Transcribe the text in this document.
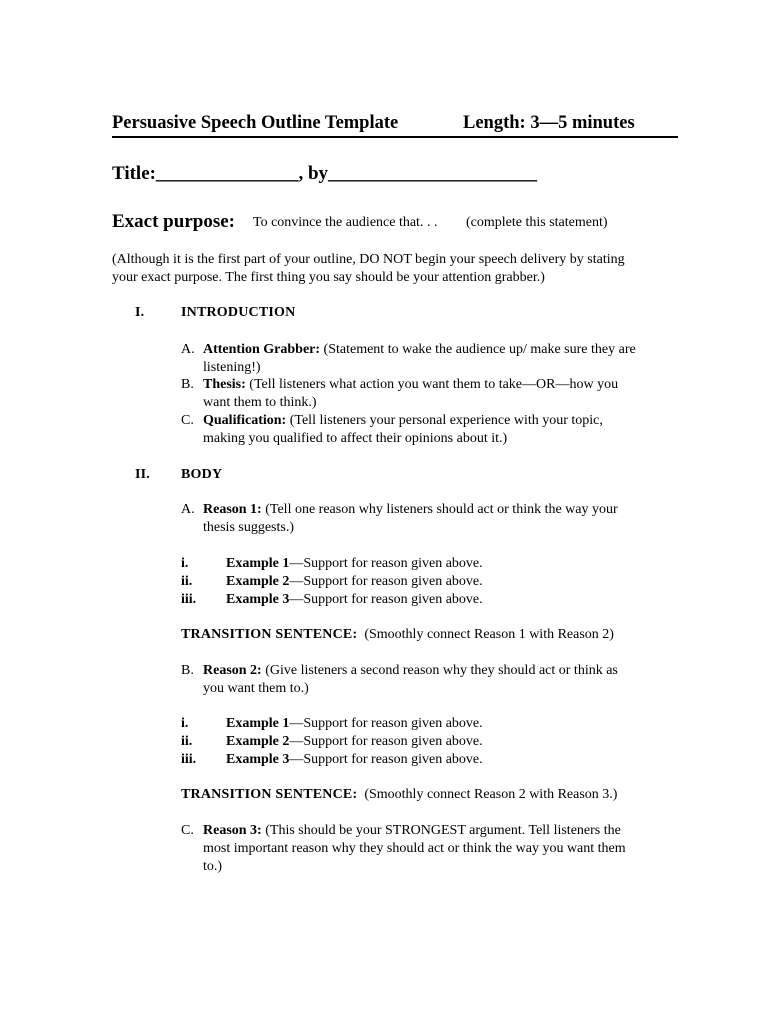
Persuasive Speech Outline Template	Length: 3—5 minutes
Title:_______________, by______________________
Exact purpose: To convince the audience that. . . (complete this statement)
(Although it is the first part of your outline, DO NOT begin your speech delivery by stating
your exact purpose. The first thing you say should be your attention grabber.)
I.	INTRODUCTION
A. Attention Grabber: (Statement to wake the audience up/ make sure they are
listening!)
B. Thesis: (Tell listeners what action you want them to take—OR—how you
want them to think.)
C. Qualification: (Tell listeners your personal experience with your topic,
making you qualified to affect their opinions about it.)
II. BODY
A. Reason 1: (Tell one reason why listeners should act or think the way your
thesis suggests.)
i.	Example 1—Support for reason given above.
ii. Example 2—Support for reason given above.
iii. Example 3—Support for reason given above.
TRANSITION SENTENCE: (Smoothly connect Reason 1 with Reason 2)
B. Reason 2: (Give listeners a second reason why they should act or think as
you want them to.)
i.	Example 1—Support for reason given above.
ii. Example 2—Support for reason given above.
iii. Example 3—Support for reason given above.
TRANSITION SENTENCE: (Smoothly connect Reason 2 with Reason 3.)
C. Reason 3: (This should be your STRONGEST argument. Tell listeners the
most important reason why they should act or think the way you want them
to.)
